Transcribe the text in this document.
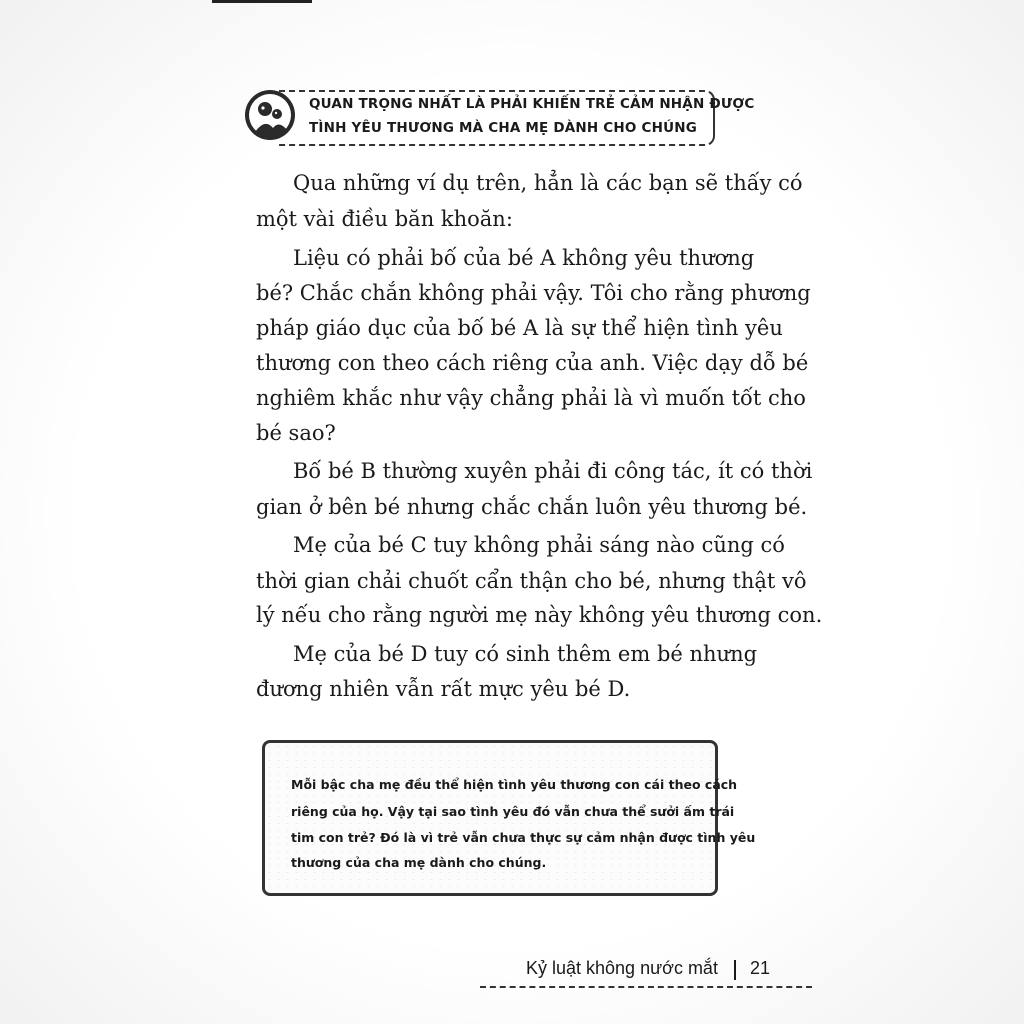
QUAN TRỌNG NHẤT LÀ PHẢI KHIẾN TRẺ CẢM NHẬN ĐƯỢC
TÌNH YÊU THƯƠNG MÀ CHA MẸ DÀNH CHO CHÚNG
Qua những ví dụ trên, hẳn là các bạn sẽ thấy có
một vài điều băn khoăn:
Liệu có phải bố của bé A không yêu thương
bé? Chắc chắn không phải vậy. Tôi cho rằng phương
pháp giáo dục của bố bé A là sự thể hiện tình yêu
thương con theo cách riêng của anh. Việc dạy dỗ bé
nghiêm khắc như vậy chẳng phải là vì muốn tốt cho
bé sao?
Bố bé B thường xuyên phải đi công tác, ít có thời
gian ở bên bé nhưng chắc chắn luôn yêu thương bé.
Mẹ của bé C tuy không phải sáng nào cũng có
thời gian chải chuốt cẩn thận cho bé, nhưng thật vô
lý nếu cho rằng người mẹ này không yêu thương con.
Mẹ của bé D tuy có sinh thêm em bé nhưng
đương nhiên vẫn rất mực yêu bé D.
Mỗi bậc cha mẹ đều thể hiện tình yêu thương con cái theo cách
riêng của họ. Vậy tại sao tình yêu đó vẫn chưa thể sưởi ấm trái
tim con trẻ? Đó là vì trẻ vẫn chưa thực sự cảm nhận được tình yêu
thương của cha mẹ dành cho chúng.
Kỷ luật không nước mắt 21
